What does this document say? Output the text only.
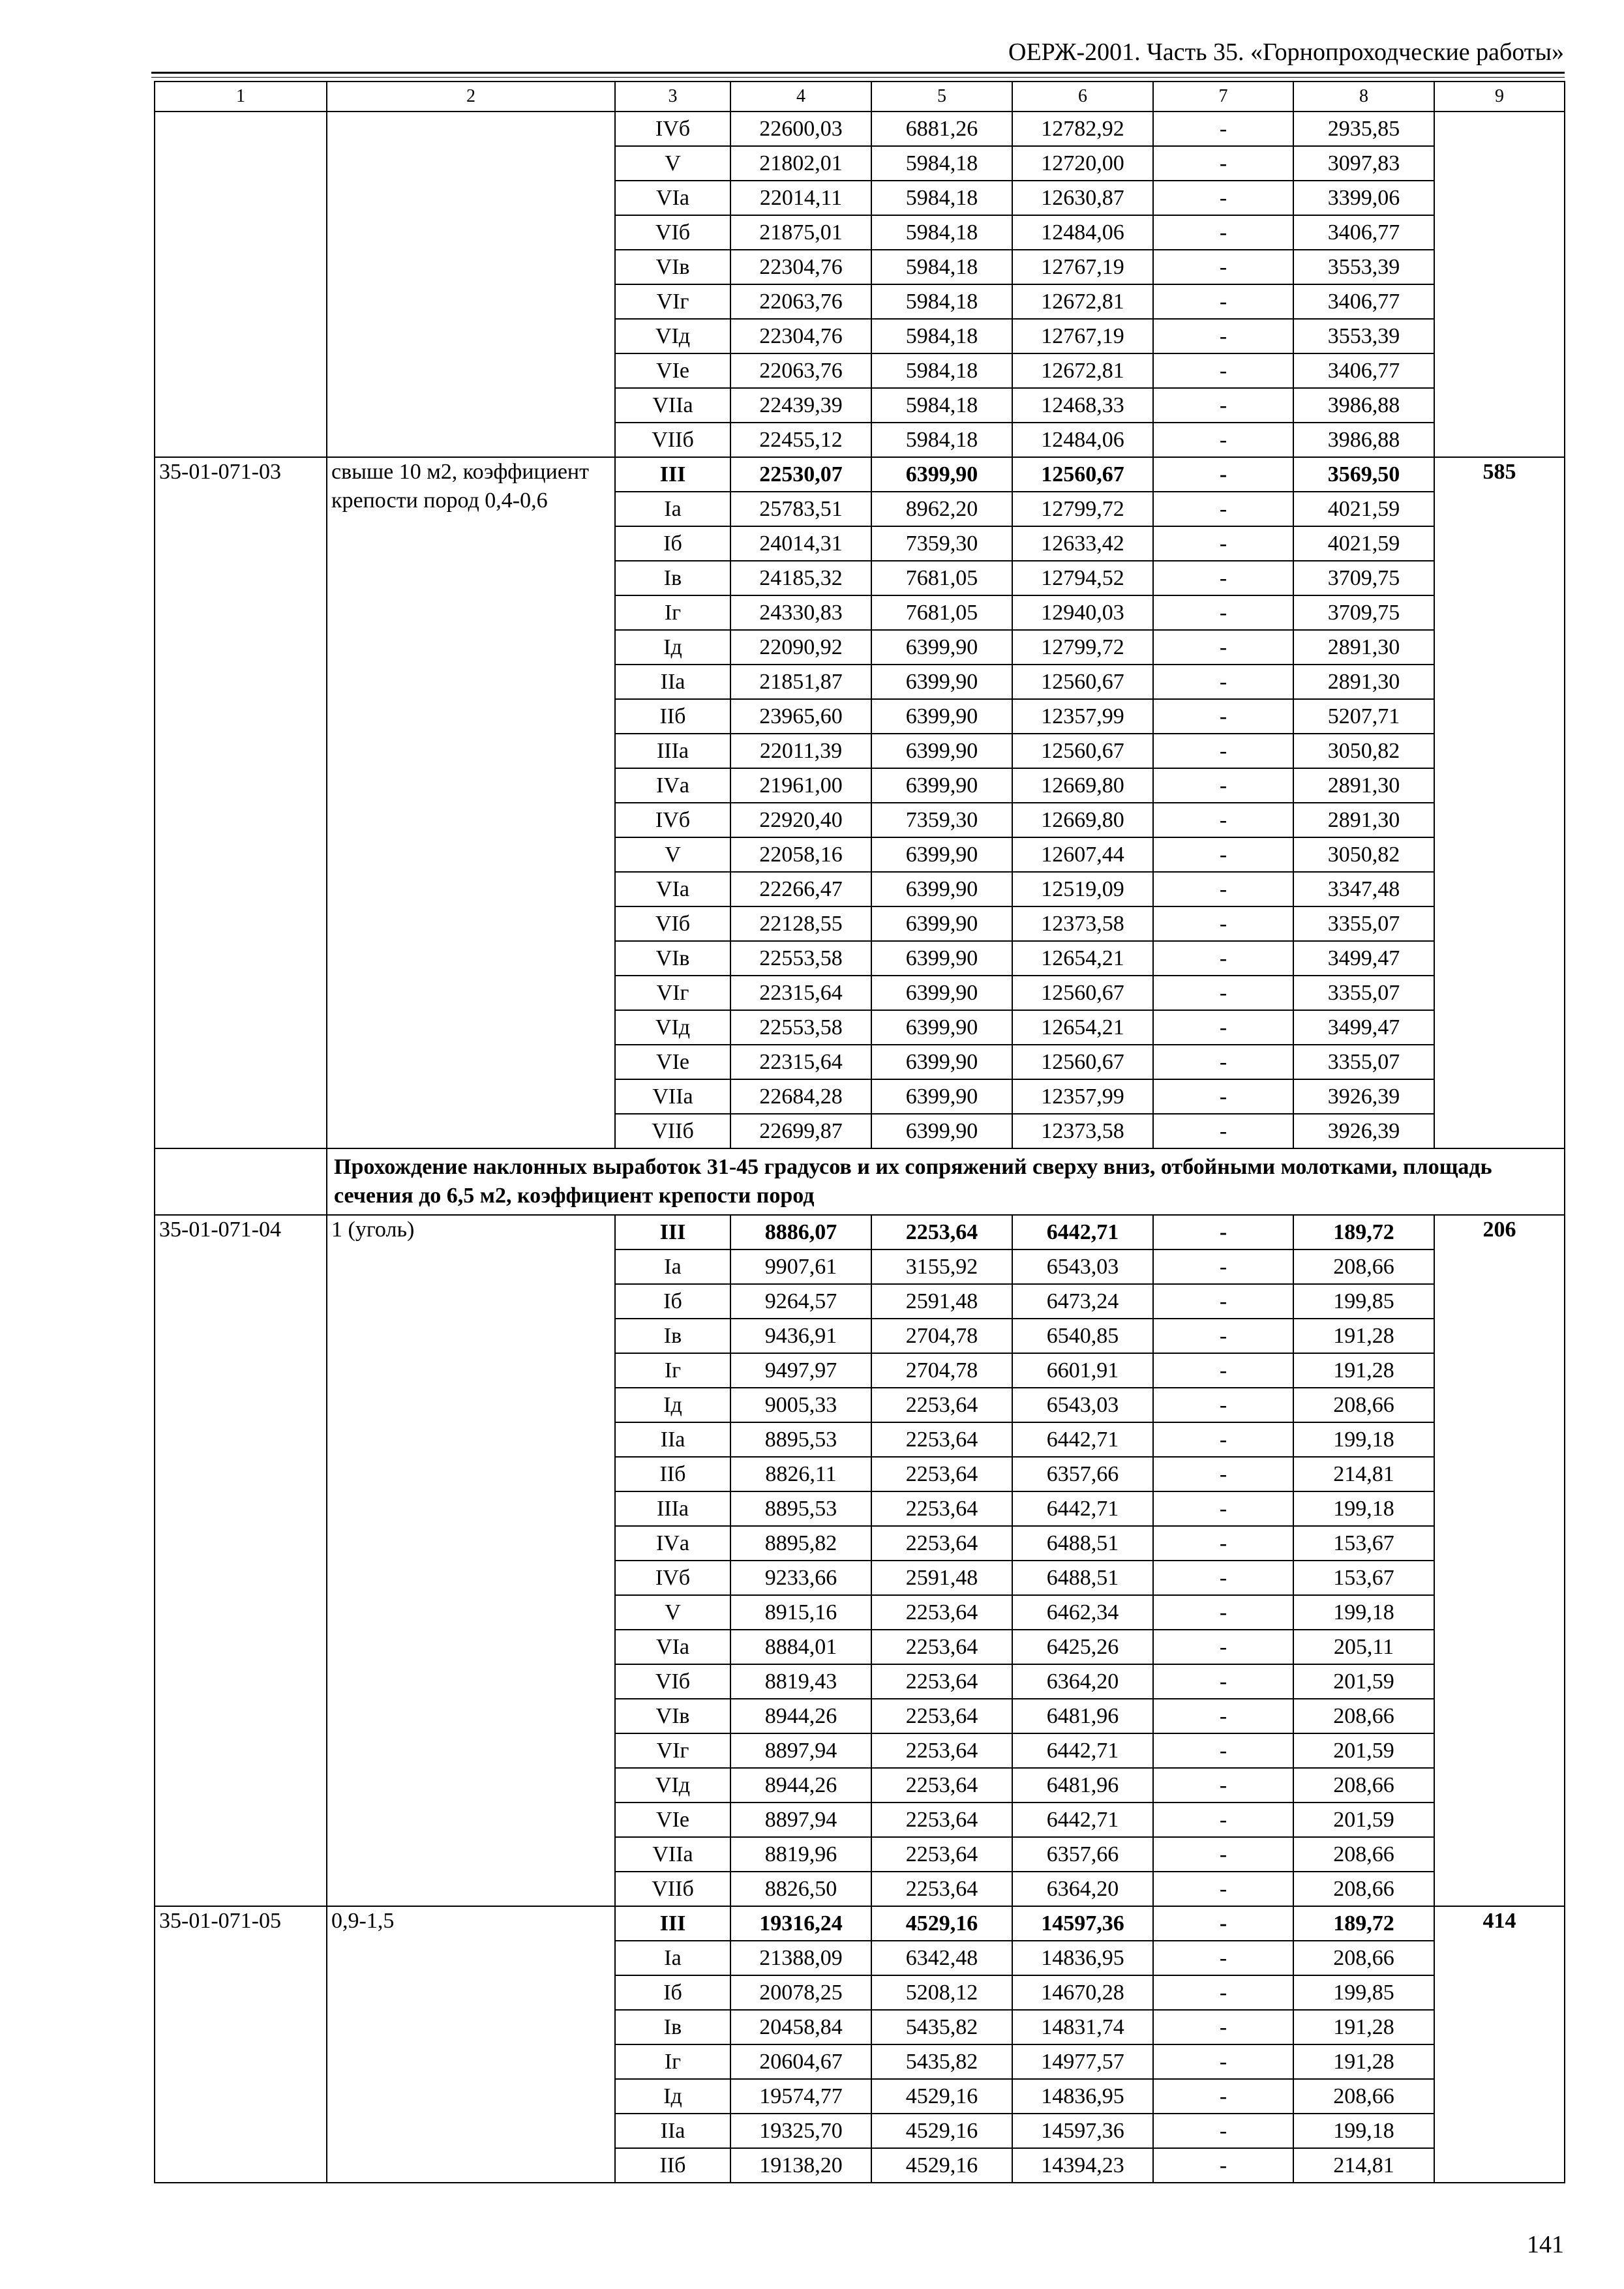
ОЕРЖ-2001. Часть 35. «Горнопроходческие работы»
1	2	3	4	5	6	7	8	9
		IVб	22600,03	6881,26	12782,92	-	2935,85	
		V	21802,01	5984,18	12720,00	-	3097,83	
		VIа	22014,11	5984,18	12630,87	-	3399,06	
		VIб	21875,01	5984,18	12484,06	-	3406,77	
		VIв	22304,76	5984,18	12767,19	-	3553,39	
		VIг	22063,76	5984,18	12672,81	-	3406,77	
		VIд	22304,76	5984,18	12767,19	-	3553,39	
		VIе	22063,76	5984,18	12672,81	-	3406,77	
		VIIа	22439,39	5984,18	12468,33	-	3986,88	
		VIIб	22455,12	5984,18	12484,06	-	3986,88	
35-01-071-03	свыше 10 м2, коэффициент крепости пород 0,4-0,6	III	22530,07	6399,90	12560,67	-	3569,50	585
		Iа	25783,51	8962,20	12799,72	-	4021,59	
		Iб	24014,31	7359,30	12633,42	-	4021,59	
		Iв	24185,32	7681,05	12794,52	-	3709,75	
		Iг	24330,83	7681,05	12940,03	-	3709,75	
		Iд	22090,92	6399,90	12799,72	-	2891,30	
		IIа	21851,87	6399,90	12560,67	-	2891,30	
		IIб	23965,60	6399,90	12357,99	-	5207,71	
		IIIа	22011,39	6399,90	12560,67	-	3050,82	
		IVа	21961,00	6399,90	12669,80	-	2891,30	
		IVб	22920,40	7359,30	12669,80	-	2891,30	
		V	22058,16	6399,90	12607,44	-	3050,82	
		VIа	22266,47	6399,90	12519,09	-	3347,48	
		VIб	22128,55	6399,90	12373,58	-	3355,07	
		VIв	22553,58	6399,90	12654,21	-	3499,47	
		VIг	22315,64	6399,90	12560,67	-	3355,07	
		VIд	22553,58	6399,90	12654,21	-	3499,47	
		VIе	22315,64	6399,90	12560,67	-	3355,07	
		VIIа	22684,28	6399,90	12357,99	-	3926,39	
		VIIб	22699,87	6399,90	12373,58	-	3926,39	
	Прохождение наклонных выработок 31-45 градусов и их сопряжений сверху вниз, отбойными молотками, площадь сечения до 6,5 м2, коэффициент крепости пород							
35-01-071-04	1 (уголь)	III	8886,07	2253,64	6442,71	-	189,72	206
		Iа	9907,61	3155,92	6543,03	-	208,66	
		Iб	9264,57	2591,48	6473,24	-	199,85	
		Iв	9436,91	2704,78	6540,85	-	191,28	
		Iг	9497,97	2704,78	6601,91	-	191,28	
		Iд	9005,33	2253,64	6543,03	-	208,66	
		IIа	8895,53	2253,64	6442,71	-	199,18	
		IIб	8826,11	2253,64	6357,66	-	214,81	
		IIIа	8895,53	2253,64	6442,71	-	199,18	
		IVа	8895,82	2253,64	6488,51	-	153,67	
		IVб	9233,66	2591,48	6488,51	-	153,67	
		V	8915,16	2253,64	6462,34	-	199,18	
		VIа	8884,01	2253,64	6425,26	-	205,11	
		VIб	8819,43	2253,64	6364,20	-	201,59	
		VIв	8944,26	2253,64	6481,96	-	208,66	
		VIг	8897,94	2253,64	6442,71	-	201,59	
		VIд	8944,26	2253,64	6481,96	-	208,66	
		VIе	8897,94	2253,64	6442,71	-	201,59	
		VIIа	8819,96	2253,64	6357,66	-	208,66	
		VIIб	8826,50	2253,64	6364,20	-	208,66	
35-01-071-05	0,9-1,5	III	19316,24	4529,16	14597,36	-	189,72	414
		Iа	21388,09	6342,48	14836,95	-	208,66	
		Iб	20078,25	5208,12	14670,28	-	199,85	
		Iв	20458,84	5435,82	14831,74	-	191,28	
		Iг	20604,67	5435,82	14977,57	-	191,28	
		Iд	19574,77	4529,16	14836,95	-	208,66	
		IIа	19325,70	4529,16	14597,36	-	199,18	
		IIб	19138,20	4529,16	14394,23	-	214,81	
141
